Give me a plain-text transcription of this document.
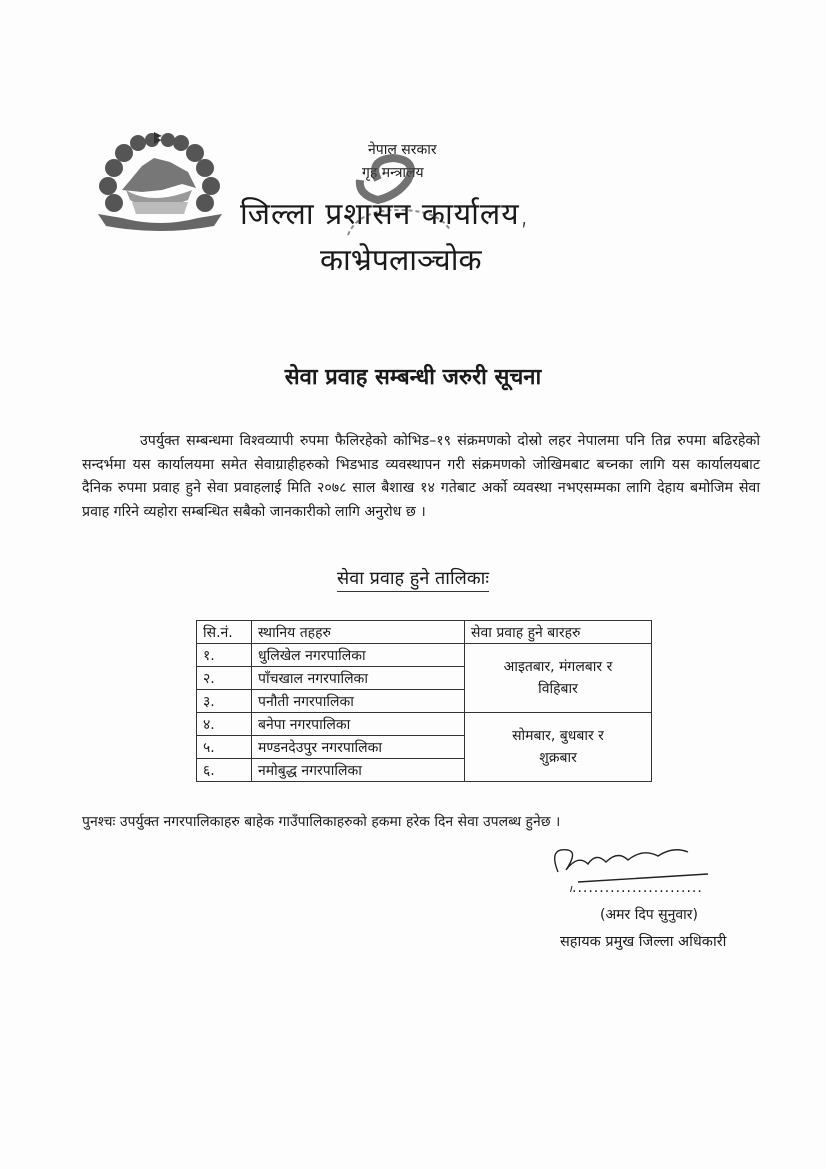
नेपाल सरकार
गृह मन्त्रालय
जिल्ला प्रशासन कार्यालय,
काभ्रेपलाञ्चोक
सेवा प्रवाह सम्बन्धी जरुरी सूचना

उपर्युक्त सम्बन्धमा विश्वव्यापी रुपमा फैलिरहेको कोभिड–१९ संक्रमणको दोस्रो लहर नेपालमा पनि तिव्र रुपमा बढिरहेको सन्दर्भमा यस कार्यालयमा समेत सेवाग्राहीहरुको भिडभाड व्यवस्थापन गरी संक्रमणको जोखिमबाट बच्नका लागि यस कार्यालयबाट दैनिक रुपमा प्रवाह हुने सेवा प्रवाहलाई मिति २०७८ साल बैशाख १४ गतेबाट अर्को व्यवस्था नभएसम्मका लागि देहाय बमोजिम सेवा प्रवाह गरिने व्यहोरा सम्बन्धित सबैको जानकारीको लागि अनुरोध छ ।

सेवा प्रवाह हुने तालिकाः
सि.नं.	स्थानिय तहहरु	सेवा प्रवाह हुने बारहरु
१.	धुलिखेल नगरपालिका	आइतबार, मंगलबार र
विहिबार

२.	पाँचखाल नगरपालिका	
३.	पनौती नगरपालिका	
४.	बनेपा नगरपालिका	सोमबार, बुधबार र
शुक्रबार

५.	मण्डनदेउपुर नगरपालिका	
६.	नमोबुद्ध नगरपालिका	
पुनश्चः उपर्युक्त नगरपालिकाहरु बाहेक गाउँपालिकाहरुको हकमा हरेक दिन सेवा उपलब्ध हुनेछ ।
........................
(अमर दिप सुनुवार)
सहायक प्रमुख जिल्ला अधिकारी
